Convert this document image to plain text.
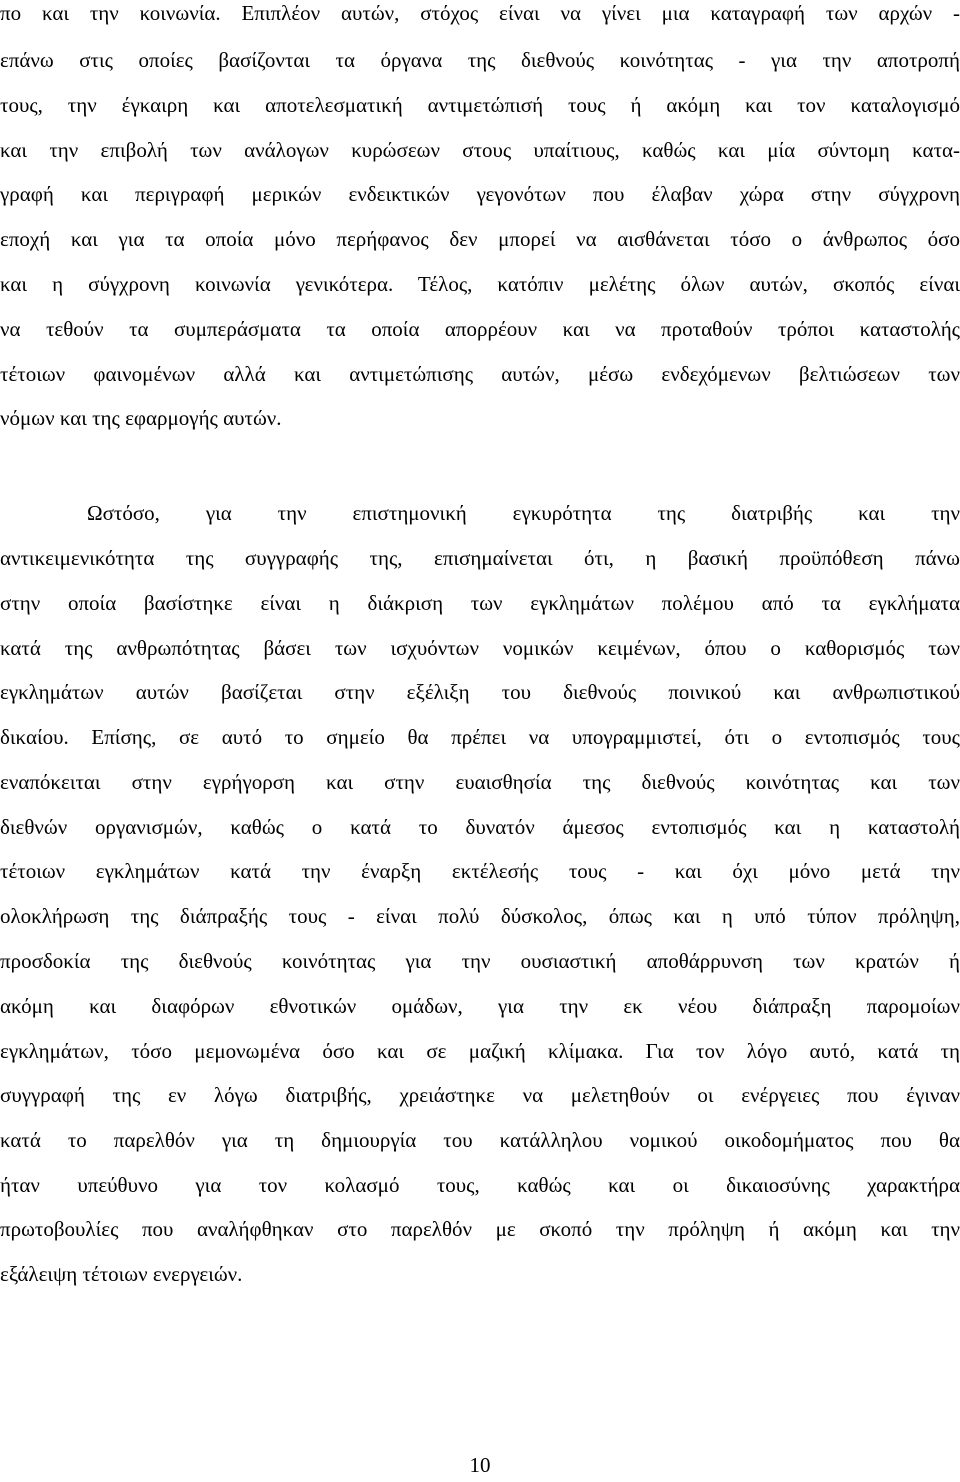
πο και την κοινωνία. Επιπλέον αυτών, στόχος είναι να γίνει μια καταγραφή των αρχών -
επάνω στις οποίες βασίζονται τα όργανα της διεθνούς κοινότητας - για την αποτροπή
τους, την έγκαιρη και αποτελεσματική αντιμετώπισή τους ή ακόμη και τον καταλογισμό
και την επιβολή των ανάλογων κυρώσεων στους υπαίτιους, καθώς και μία σύντομη κατα-
γραφή και περιγραφή μερικών ενδεικτικών γεγονότων που έλαβαν χώρα στην σύγχρονη
εποχή και για τα οποία μόνο περήφανος δεν μπορεί να αισθάνεται τόσο ο άνθρωπος όσο
και η σύγχρονη κοινωνία γενικότερα. Τέλος, κατόπιν μελέτης όλων αυτών, σκοπός είναι
να τεθούν τα συμπεράσματα τα οποία απορρέουν και να προταθούν τρόποι καταστολής
τέτοιων φαινομένων αλλά και αντιμετώπισης αυτών, μέσω ενδεχόμενων βελτιώσεων των
νόμων και της εφαρμογής αυτών.
Ωστόσο, για την επιστημονική εγκυρότητα της διατριβής και την
αντικειμενικότητα της συγγραφής της, επισημαίνεται ότι, η βασική προϋπόθεση πάνω
στην οποία βασίστηκε είναι η διάκριση των εγκλημάτων πολέμου από τα εγκλήματα
κατά της ανθρωπότητας βάσει των ισχυόντων νομικών κειμένων, όπου ο καθορισμός των
εγκλημάτων αυτών βασίζεται στην εξέλιξη του διεθνούς ποινικού και ανθρωπιστικού
δικαίου. Επίσης, σε αυτό το σημείο θα πρέπει να υπογραμμιστεί, ότι ο εντοπισμός τους
εναπόκειται στην εγρήγορση και στην ευαισθησία της διεθνούς κοινότητας και των
διεθνών οργανισμών, καθώς ο κατά το δυνατόν άμεσος εντοπισμός και η καταστολή
τέτοιων εγκλημάτων κατά την έναρξη εκτέλεσής τους - και όχι μόνο μετά την
ολοκλήρωση της διάπραξής τους - είναι πολύ δύσκολος, όπως και η υπό τύπον πρόληψη,
προσδοκία της διεθνούς κοινότητας για την ουσιαστική αποθάρρυνση των κρατών ή
ακόμη και διαφόρων εθνοτικών ομάδων, για την εκ νέου διάπραξη παρομοίων
εγκλημάτων, τόσο μεμονωμένα όσο και σε μαζική κλίμακα. Για τον λόγο αυτό, κατά τη
συγγραφή της εν λόγω διατριβής, χρειάστηκε να μελετηθούν οι ενέργειες που έγιναν
κατά το παρελθόν για τη δημιουργία του κατάλληλου νομικού οικοδομήματος που θα
ήταν υπεύθυνο για τον κολασμό τους, καθώς και οι δικαιοσύνης χαρακτήρα
πρωτοβουλίες που αναλήφθηκαν στο παρελθόν με σκοπό την πρόληψη ή ακόμη και την
εξάλειψη τέτοιων ενεργειών.
10
